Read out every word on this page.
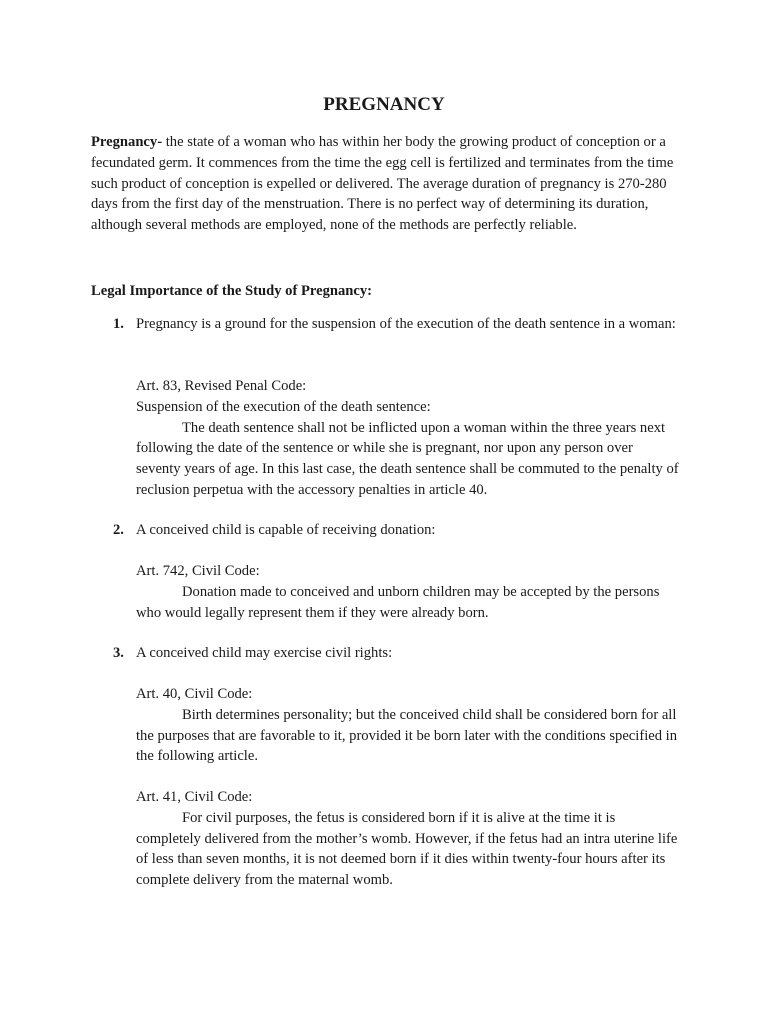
PREGNANCY

Pregnancy- the state of a woman who has within her body the growing product of conception or a fecundated germ. It commences from the time the egg cell is fertilized and terminates from the time such product of conception is expelled or delivered. The average duration of pregnancy is 270-280 days from the first day of the menstruation. There is no perfect way of determining its duration, although several methods are employed, none of the methods are perfectly reliable.

Legal Importance of the Study of Pregnancy:

1. Pregnancy is a ground for the suspension of the execution of the death sentence in a woman:

Art. 83, Revised Penal Code:

Suspension of the execution of the death sentence:

The death sentence shall not be inflicted upon a woman within the three years next following the date of the sentence or while she is pregnant, nor upon any person over seventy years of age. In this last case, the death sentence shall be commuted to the penalty of reclusion perpetua with the accessory penalties in article 40.

2. A conceived child is capable of receiving donation:

Art. 742, Civil Code:

Donation made to conceived and unborn children may be accepted by the persons who would legally represent them if they were already born.

3. A conceived child may exercise civil rights:

Art. 40, Civil Code:

Birth determines personality; but the conceived child shall be considered born for all the purposes that are favorable to it, provided it be born later with the conditions specified in the following article.

Art. 41, Civil Code:

For civil purposes, the fetus is considered born if it is alive at the time it is completely delivered from the mother’s womb. However, if the fetus had an intra uterine life of less than seven months, it is not deemed born if it dies within twenty-four hours after its complete delivery from the maternal womb.
